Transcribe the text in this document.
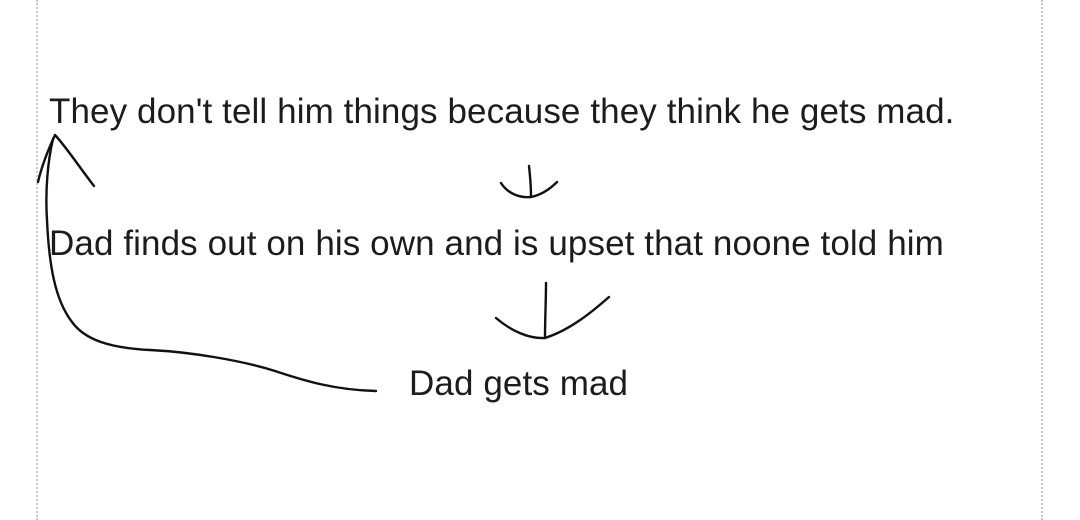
They don't tell him things because they think he gets mad.
Dad finds out on his own and is upset that noone told him
Dad gets mad
